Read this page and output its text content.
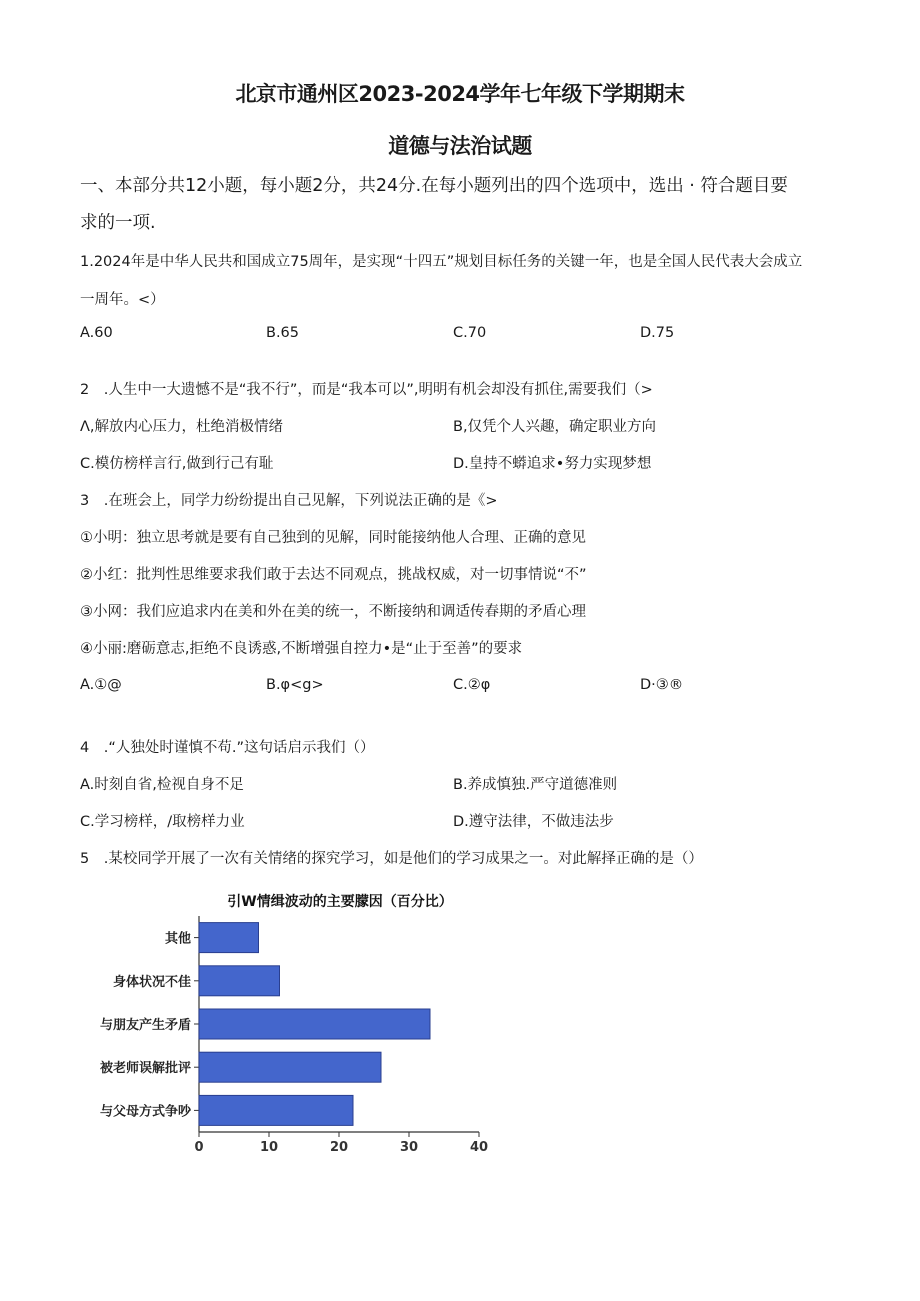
北京市通州区2023-2024学年七年级下学期期末
道德与法治试题
一、本部分共12小题，每小题2分，共24分.在每小题列出的四个选项中，选出 · 符合题目要
求的一项.
1.2024年是中华人民共和国成立75周年，是实现“十四五”规划目标任务的关键一年，也是全国人民代表大会成立
一周年。<）
A.60	B.65	C.70	D.75
2　.人生中一大遗憾不是“我不行”，而是“我本可以”,明明有机会却没有抓住,需要我们（>
Λ,解放内心压力，杜绝消极情绪	B,仅凭个人兴趣，确定职业方向
C.模仿榜样言行,做到行己有耻	D.皇持不蟒追求•努力实现梦想
3　.在班会上，同学力纷纷提出自己见解，下列说法正确的是《>
①小明：独立思考就是要有自己独到的见解，同时能接纳他人合理、正确的意见
②小红：批判性思维要求我们敢于去达不同观点，挑战权威，对一切事情说“不”
③小网：我们应追求内在美和外在美的统一，不断接纳和调适传春期的矛盾心理
④小丽:磨砺意志,拒绝不良诱惑,不断增强自控力•是“止于至善”的要求
A.①@	B.φ<g>	C.②φ	D·③®
4　.“人独处时谨慎不苟.”这句话启示我们（）
A.时刻自省,检视自身不足	B.养成慎独.严守道德准则
C.学习榜样，/取榜样力业	D.遵守法律，不做违法步
5　.某校同学开展了一次有关情绪的探究学习，如是他们的学习成果之一。对此解择正确的是（）
引W情缉波动的主要朦因（百分比）
0	10	20	30	40
其他
身体状况不佳
与朋友产生矛盾
被老师误解批评
与父母方式争吵
